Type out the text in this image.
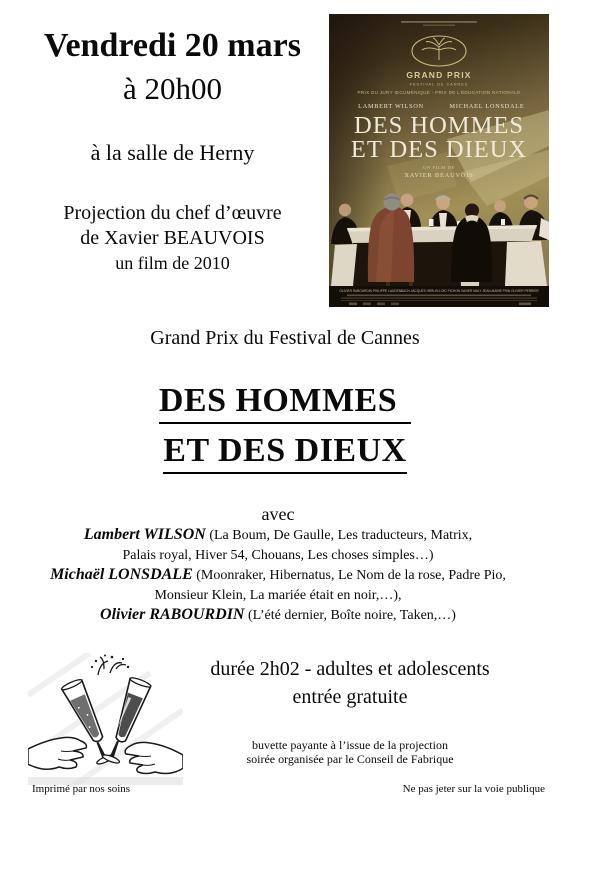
Vendredi 20 mars
à 20h00
à la salle de Herny
Projection du chef d’œuvre
de Xavier BEAUVOIS
un film de 2010
GRAND PRIX
FESTIVAL DE CANNES
PRIX DU JURY ŒCUMÉNIQUE - PRIX DE L’ÉDUCATION NATIONALE
LAMBERT WILSON	MICHAEL LONSDALE
DES HOMMES
ET DES DIEUX
UN FILM DE
XAVIER BEAUVOIS
OLIVIER RABOURDIN PHILIPPE LAUDENBACH JACQUES HERLIN LOÏC PICHON XAVIER MALY JEAN-MARIE FRIN OLIVIER PERRIER
Grand Prix du Festival de Cannes
DES HOMMES
ET DES DIEUX
avec
Lambert WILSON (La Boum, De Gaulle, Les traducteurs, Matrix,
Palais royal, Hiver 54, Chouans, Les choses simples…)
Michaël LONSDALE (Moonraker, Hibernatus, Le Nom de la rose, Padre Pio,
Monsieur Klein, La mariée était en noir,…),
Olivier RABOURDIN (L’été dernier, Boîte noire, Taken,…)
durée 2h02 - adultes et adolescents
entrée gratuite
buvette payante à l’issue de la projection
soirée organisée par le Conseil de Fabrique
Imprimé par nos soins	Ne pas jeter sur la voie publique
